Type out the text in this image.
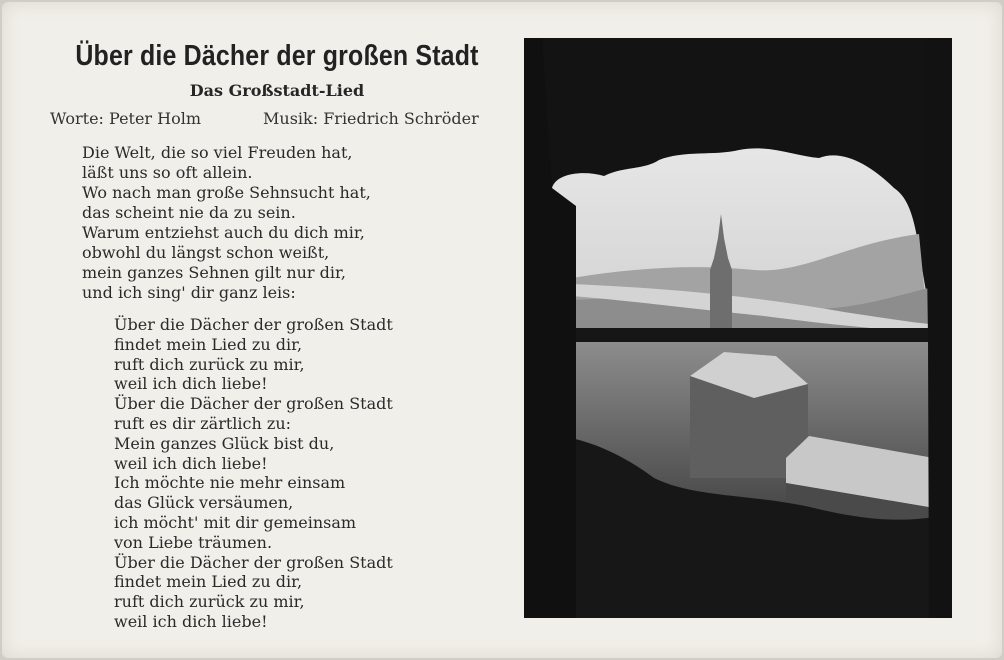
Über die Dächer der großen Stadt
Das Großstadt-Lied
Worte: Peter Holm	Musik: Friedrich Schröder
Die Welt, die so viel Freuden hat,
läßt uns so oft allein.
Wo nach man große Sehnsucht hat,
das scheint nie da zu sein.
Warum entziehst auch du dich mir,
obwohl du längst schon weißt,
mein ganzes Sehnen gilt nur dir,
und ich sing' dir ganz leis:
Über die Dächer der großen Stadt
findet mein Lied zu dir,
ruft dich zurück zu mir,
weil ich dich liebe!
Über die Dächer der großen Stadt
ruft es dir zärtlich zu:
Mein ganzes Glück bist du,
weil ich dich liebe!
Ich möchte nie mehr einsam
das Glück versäumen,
ich möcht' mit dir gemeinsam
von Liebe träumen.
Über die Dächer der großen Stadt
findet mein Lied zu dir,
ruft dich zurück zu mir,
weil ich dich liebe!
